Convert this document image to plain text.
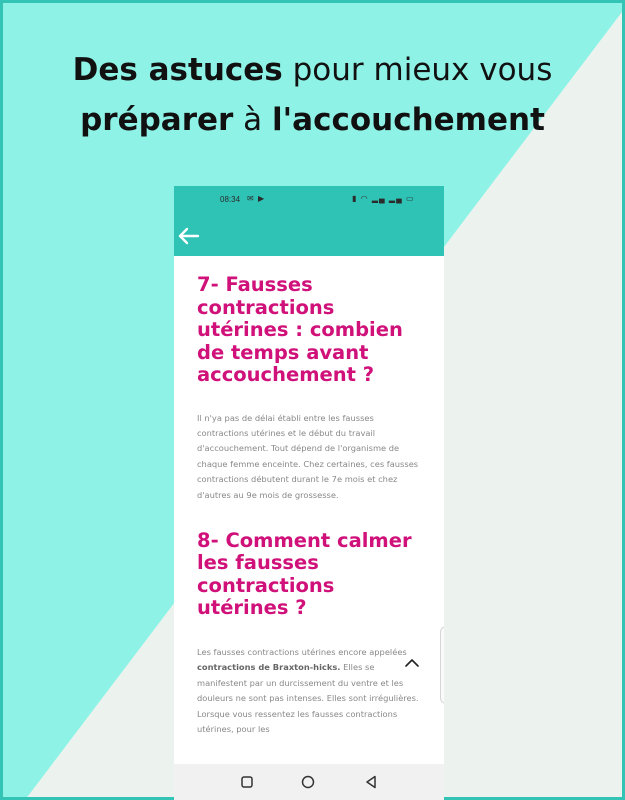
Des astuces pour mieux vous
préparer à l'accouchement
08:34 ✉ ▶	▮ ◠ ▂▄ ▂▄ ▭
7- Fausses contractions utérines : combien de temps avant accouchement ?

Il n'ya pas de délai établi entre les fausses contractions utérines et le début du travail d'accouchement. Tout dépend de l'organisme de chaque femme enceinte. Chez certaines, ces fausses contractions débutent durant le 7e mois et chez d'autres au 9e mois de grossesse.

8- Comment calmer les fausses contractions utérines ?

Les fausses contractions utérines encore appelées contractions de Braxton-hicks. Elles se manifestent par un durcissement du ventre et les douleurs ne sont pas intenses. Elles sont irrégulières. Lorsque vous ressentez les fausses contractions utérines, pour les
